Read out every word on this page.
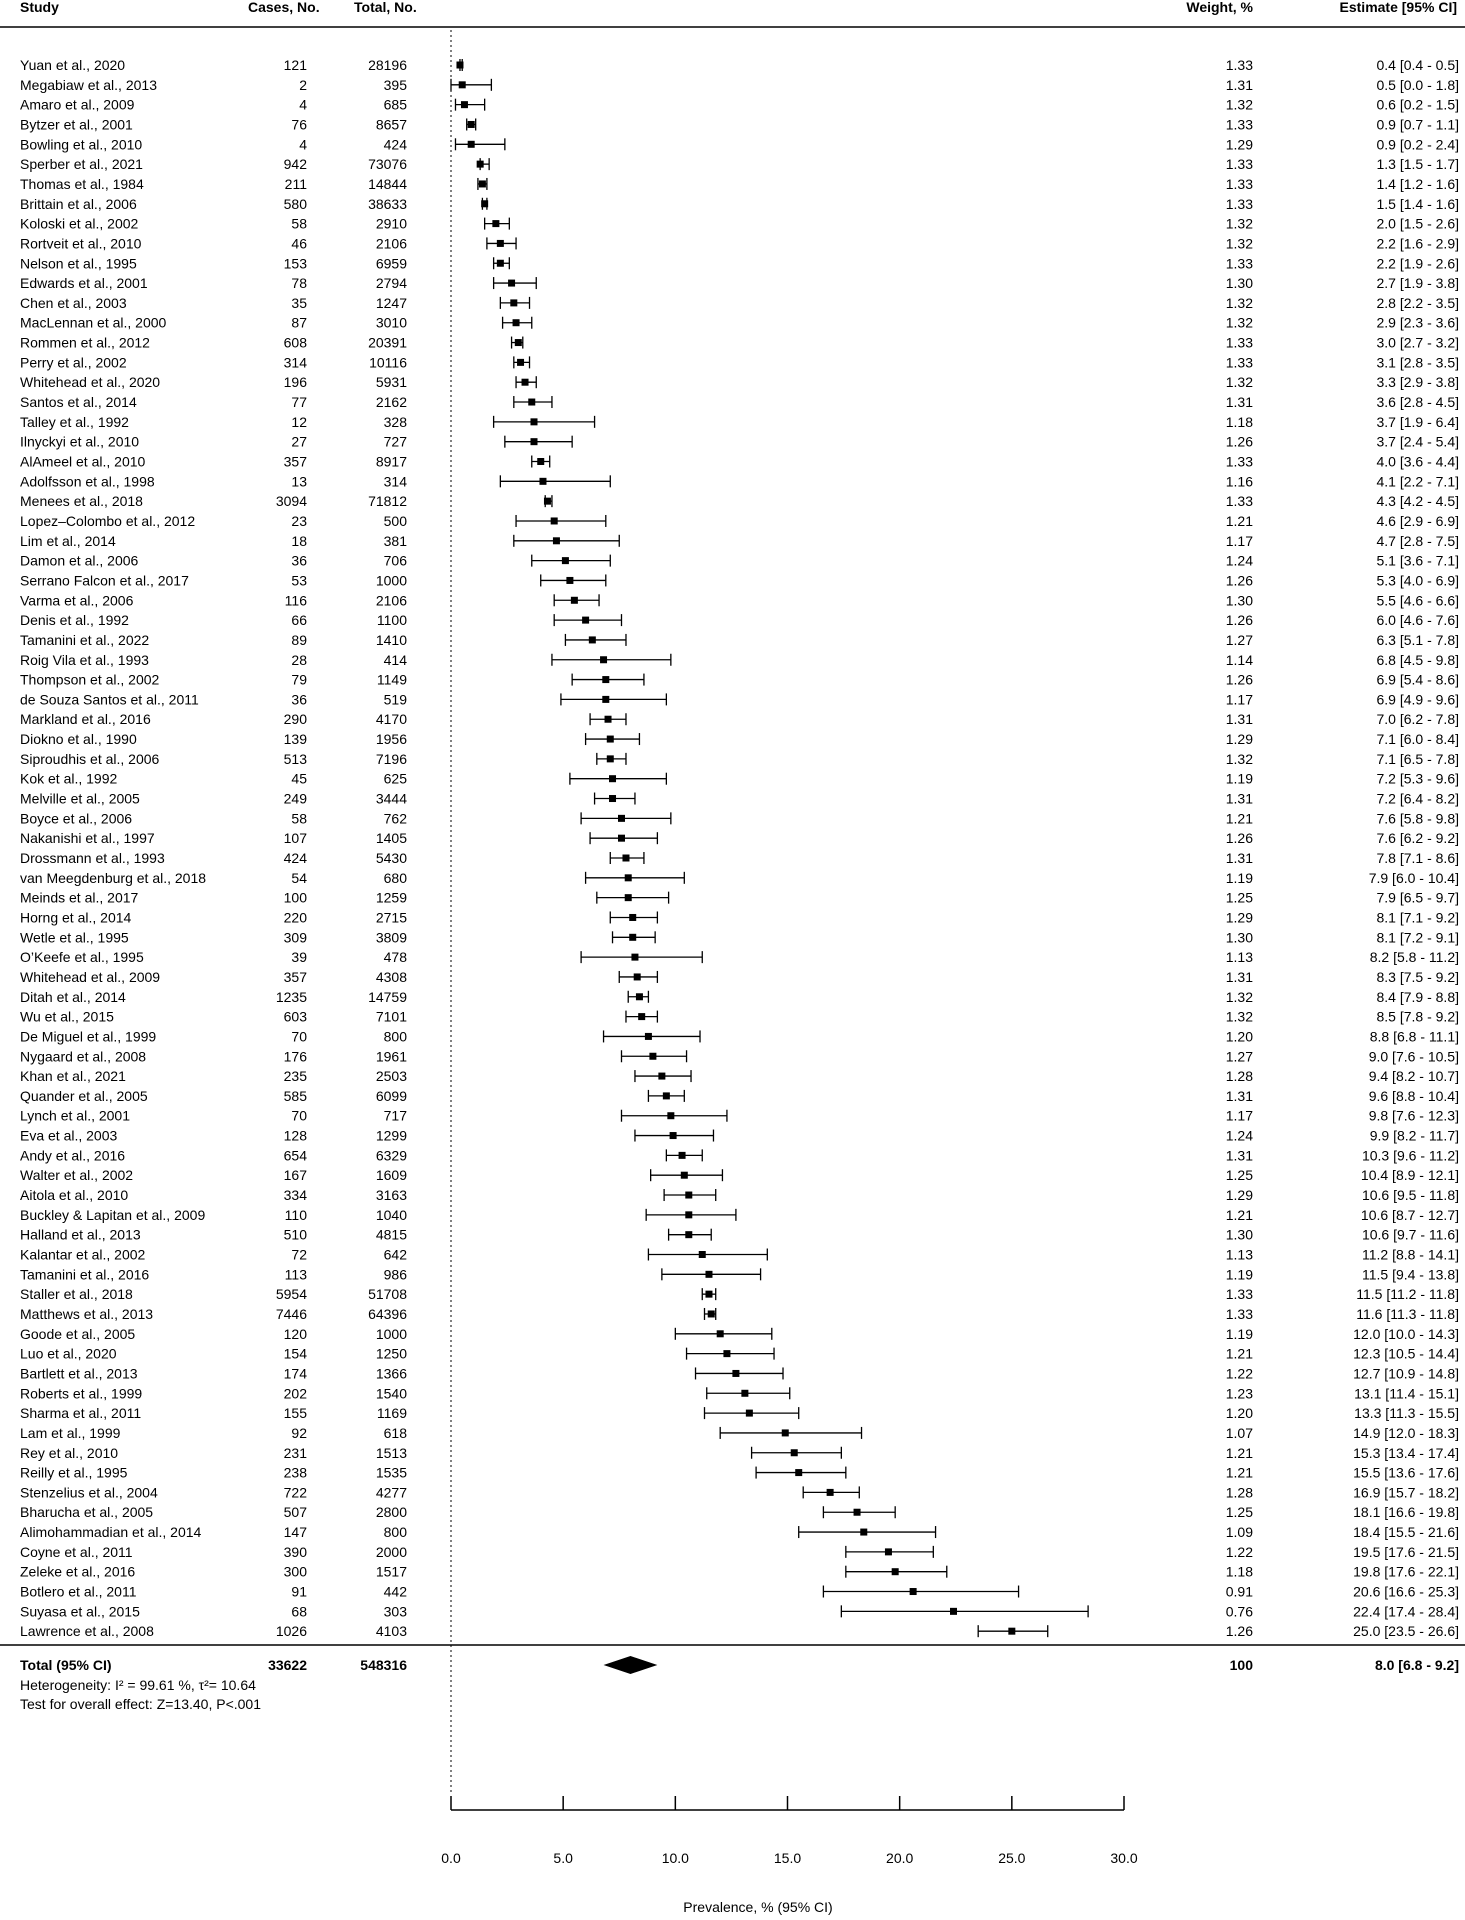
Study	Cases, No. Total, No.	Weight, %	Estimate [95% CI]
Yuan et al., 2020	121	28196	1.33	0.4 [0.4 - 0.5]
Megabiaw et al., 2013	2	395	1.31	0.5 [0.0 - 1.8]
Amaro et al., 2009	4	685	1.32	0.6 [0.2 - 1.5]
Bytzer et al., 2001	76	8657	1.33	0.9 [0.7 - 1.1]
Bowling et al., 2010	4	424	1.29	0.9 [0.2 - 2.4]
Sperber et al., 2021	942	73076	1.33	1.3 [1.5 - 1.7]
Thomas et al., 1984	211	14844	1.33	1.4 [1.2 - 1.6]
Brittain et al., 2006	580	38633	1.33	1.5 [1.4 - 1.6]
Koloski et al., 2002	58	2910	1.32	2.0 [1.5 - 2.6]
Rortveit et al., 2010	46	2106	1.32	2.2 [1.6 - 2.9]
Nelson et al., 1995	153	6959	1.33	2.2 [1.9 - 2.6]
Edwards et al., 2001	78	2794	1.30	2.7 [1.9 - 3.8]
Chen et al., 2003	35	1247	1.32	2.8 [2.2 - 3.5]
MacLennan et al., 2000	87	3010	1.32	2.9 [2.3 - 3.6]
Rommen et al., 2012	608	20391	1.33	3.0 [2.7 - 3.2]
Perry et al., 2002	314	10116	1.33	3.1 [2.8 - 3.5]
Whitehead et al., 2020	196	5931	1.32	3.3 [2.9 - 3.8]
Santos et al., 2014	77	2162	1.31	3.6 [2.8 - 4.5]
Talley et al., 1992	12	328	1.18	3.7 [1.9 - 6.4]
Ilnyckyi et al., 2010	27	727	1.26	3.7 [2.4 - 5.4]
AlAmeel et al., 2010	357	8917	1.33	4.0 [3.6 - 4.4]
Adolfsson et al., 1998	13	314	1.16	4.1 [2.2 - 7.1]
Menees et al., 2018	3094	71812	1.33	4.3 [4.2 - 4.5]
Lopez–Colombo et al., 2012	23	500	1.21	4.6 [2.9 - 6.9]
Lim et al., 2014	18	381	1.17	4.7 [2.8 - 7.5]
Damon et al., 2006	36	706	1.24	5.1 [3.6 - 7.1]
Serrano Falcon et al., 2017	53	1000	1.26	5.3 [4.0 - 6.9]
Varma et al., 2006	116	2106	1.30	5.5 [4.6 - 6.6]
Denis et al., 1992	66	1100	1.26	6.0 [4.6 - 7.6]
Tamanini et al., 2022	89	1410	1.27	6.3 [5.1 - 7.8]
Roig Vila et al., 1993	28	414	1.14	6.8 [4.5 - 9.8]
Thompson et al., 2002	79	1149	1.26	6.9 [5.4 - 8.6]
de Souza Santos et al., 2011	36	519	1.17	6.9 [4.9 - 9.6]
Markland et al., 2016	290	4170	1.31	7.0 [6.2 - 7.8]
Diokno et al., 1990	139	1956	1.29	7.1 [6.0 - 8.4]
Siproudhis et al., 2006	513	7196	1.32	7.1 [6.5 - 7.8]
Kok et al., 1992	45	625	1.19	7.2 [5.3 - 9.6]
Melville et al., 2005	249	3444	1.31	7.2 [6.4 - 8.2]
Boyce et al., 2006	58	762	1.21	7.6 [5.8 - 9.8]
Nakanishi et al., 1997	107	1405	1.26	7.6 [6.2 - 9.2]
Drossmann et al., 1993	424	5430	1.31	7.8 [7.1 - 8.6]
van Meegdenburg et al., 2018	54	680	1.19	7.9 [6.0 - 10.4]
Meinds et al., 2017	100	1259	1.25	7.9 [6.5 - 9.7]
Horng et al., 2014	220	2715	1.29	8.1 [7.1 - 9.2]
Wetle et al., 1995	309	3809	1.30	8.1 [7.2 - 9.1]
O’Keefe et al., 1995	39	478	1.13	8.2 [5.8 - 11.2]
Whitehead et al., 2009	357	4308	1.31	8.3 [7.5 - 9.2]
Ditah et al., 2014	1235	14759	1.32	8.4 [7.9 - 8.8]
Wu et al., 2015	603	7101	1.32	8.5 [7.8 - 9.2]
De Miguel et al., 1999	70	800	1.20	8.8 [6.8 - 11.1]
Nygaard et al., 2008	176	1961	1.27	9.0 [7.6 - 10.5]
Khan et al., 2021	235	2503	1.28	9.4 [8.2 - 10.7]
Quander et al., 2005	585	6099	1.31	9.6 [8.8 - 10.4]
Lynch et al., 2001	70	717	1.17	9.8 [7.6 - 12.3]
Eva et al., 2003	128	1299	1.24	9.9 [8.2 - 11.7]
Andy et al., 2016	654	6329	1.31	10.3 [9.6 - 11.2]
Walter et al., 2002	167	1609	1.25	10.4 [8.9 - 12.1]
Aitola et al., 2010	334	3163	1.29	10.6 [9.5 - 11.8]
Buckley & Lapitan et al., 2009	110	1040	1.21	10.6 [8.7 - 12.7]
Halland et al., 2013	510	4815	1.30	10.6 [9.7 - 11.6]
Kalantar et al., 2002	72	642	1.13	11.2 [8.8 - 14.1]
Tamanini et al., 2016	113	986	1.19	11.5 [9.4 - 13.8]
Staller et al., 2018	5954	51708	1.33	11.5 [11.2 - 11.8]
Matthews et al., 2013	7446	64396	1.33	11.6 [11.3 - 11.8]
Goode et al., 2005	120	1000	1.19	12.0 [10.0 - 14.3]
Luo et al., 2020	154	1250	1.21	12.3 [10.5 - 14.4]
Bartlett et al., 2013	174	1366	1.22	12.7 [10.9 - 14.8]
Roberts et al., 1999	202	1540	1.23	13.1 [11.4 - 15.1]
Sharma et al., 2011	155	1169	1.20	13.3 [11.3 - 15.5]
Lam et al., 1999	92	618	1.07	14.9 [12.0 - 18.3]
Rey et al., 2010	231	1513	1.21	15.3 [13.4 - 17.4]
Reilly et al., 1995	238	1535	1.21	15.5 [13.6 - 17.6]
Stenzelius et al., 2004	722	4277	1.28	16.9 [15.7 - 18.2]
Bharucha et al., 2005	507	2800	1.25	18.1 [16.6 - 19.8]
Alimohammadian et al., 2014	147	800	1.09	18.4 [15.5 - 21.6]
Coyne et al., 2011	390	2000	1.22	19.5 [17.6 - 21.5]
Zeleke et al., 2016	300	1517	1.18	19.8 [17.6 - 22.1]
Botlero et al., 2011	91	442	0.91	20.6 [16.6 - 25.3]
Suyasa et al., 2015	68	303	0.76	22.4 [17.4 - 28.4]
Lawrence et al., 2008	1026	4103	1.26	25.0 [23.5 - 26.6]
Total (95% CI)	33622	548316	100	8.0 [6.8 - 9.2]
Heterogeneity: I² = 99.61 %, τ²= 10.64
Test for overall effect: Z=13.40, P<.001
0.0	5.0	10.0	15.0	20.0	25.0	30.0
Prevalence, % (95% CI)
